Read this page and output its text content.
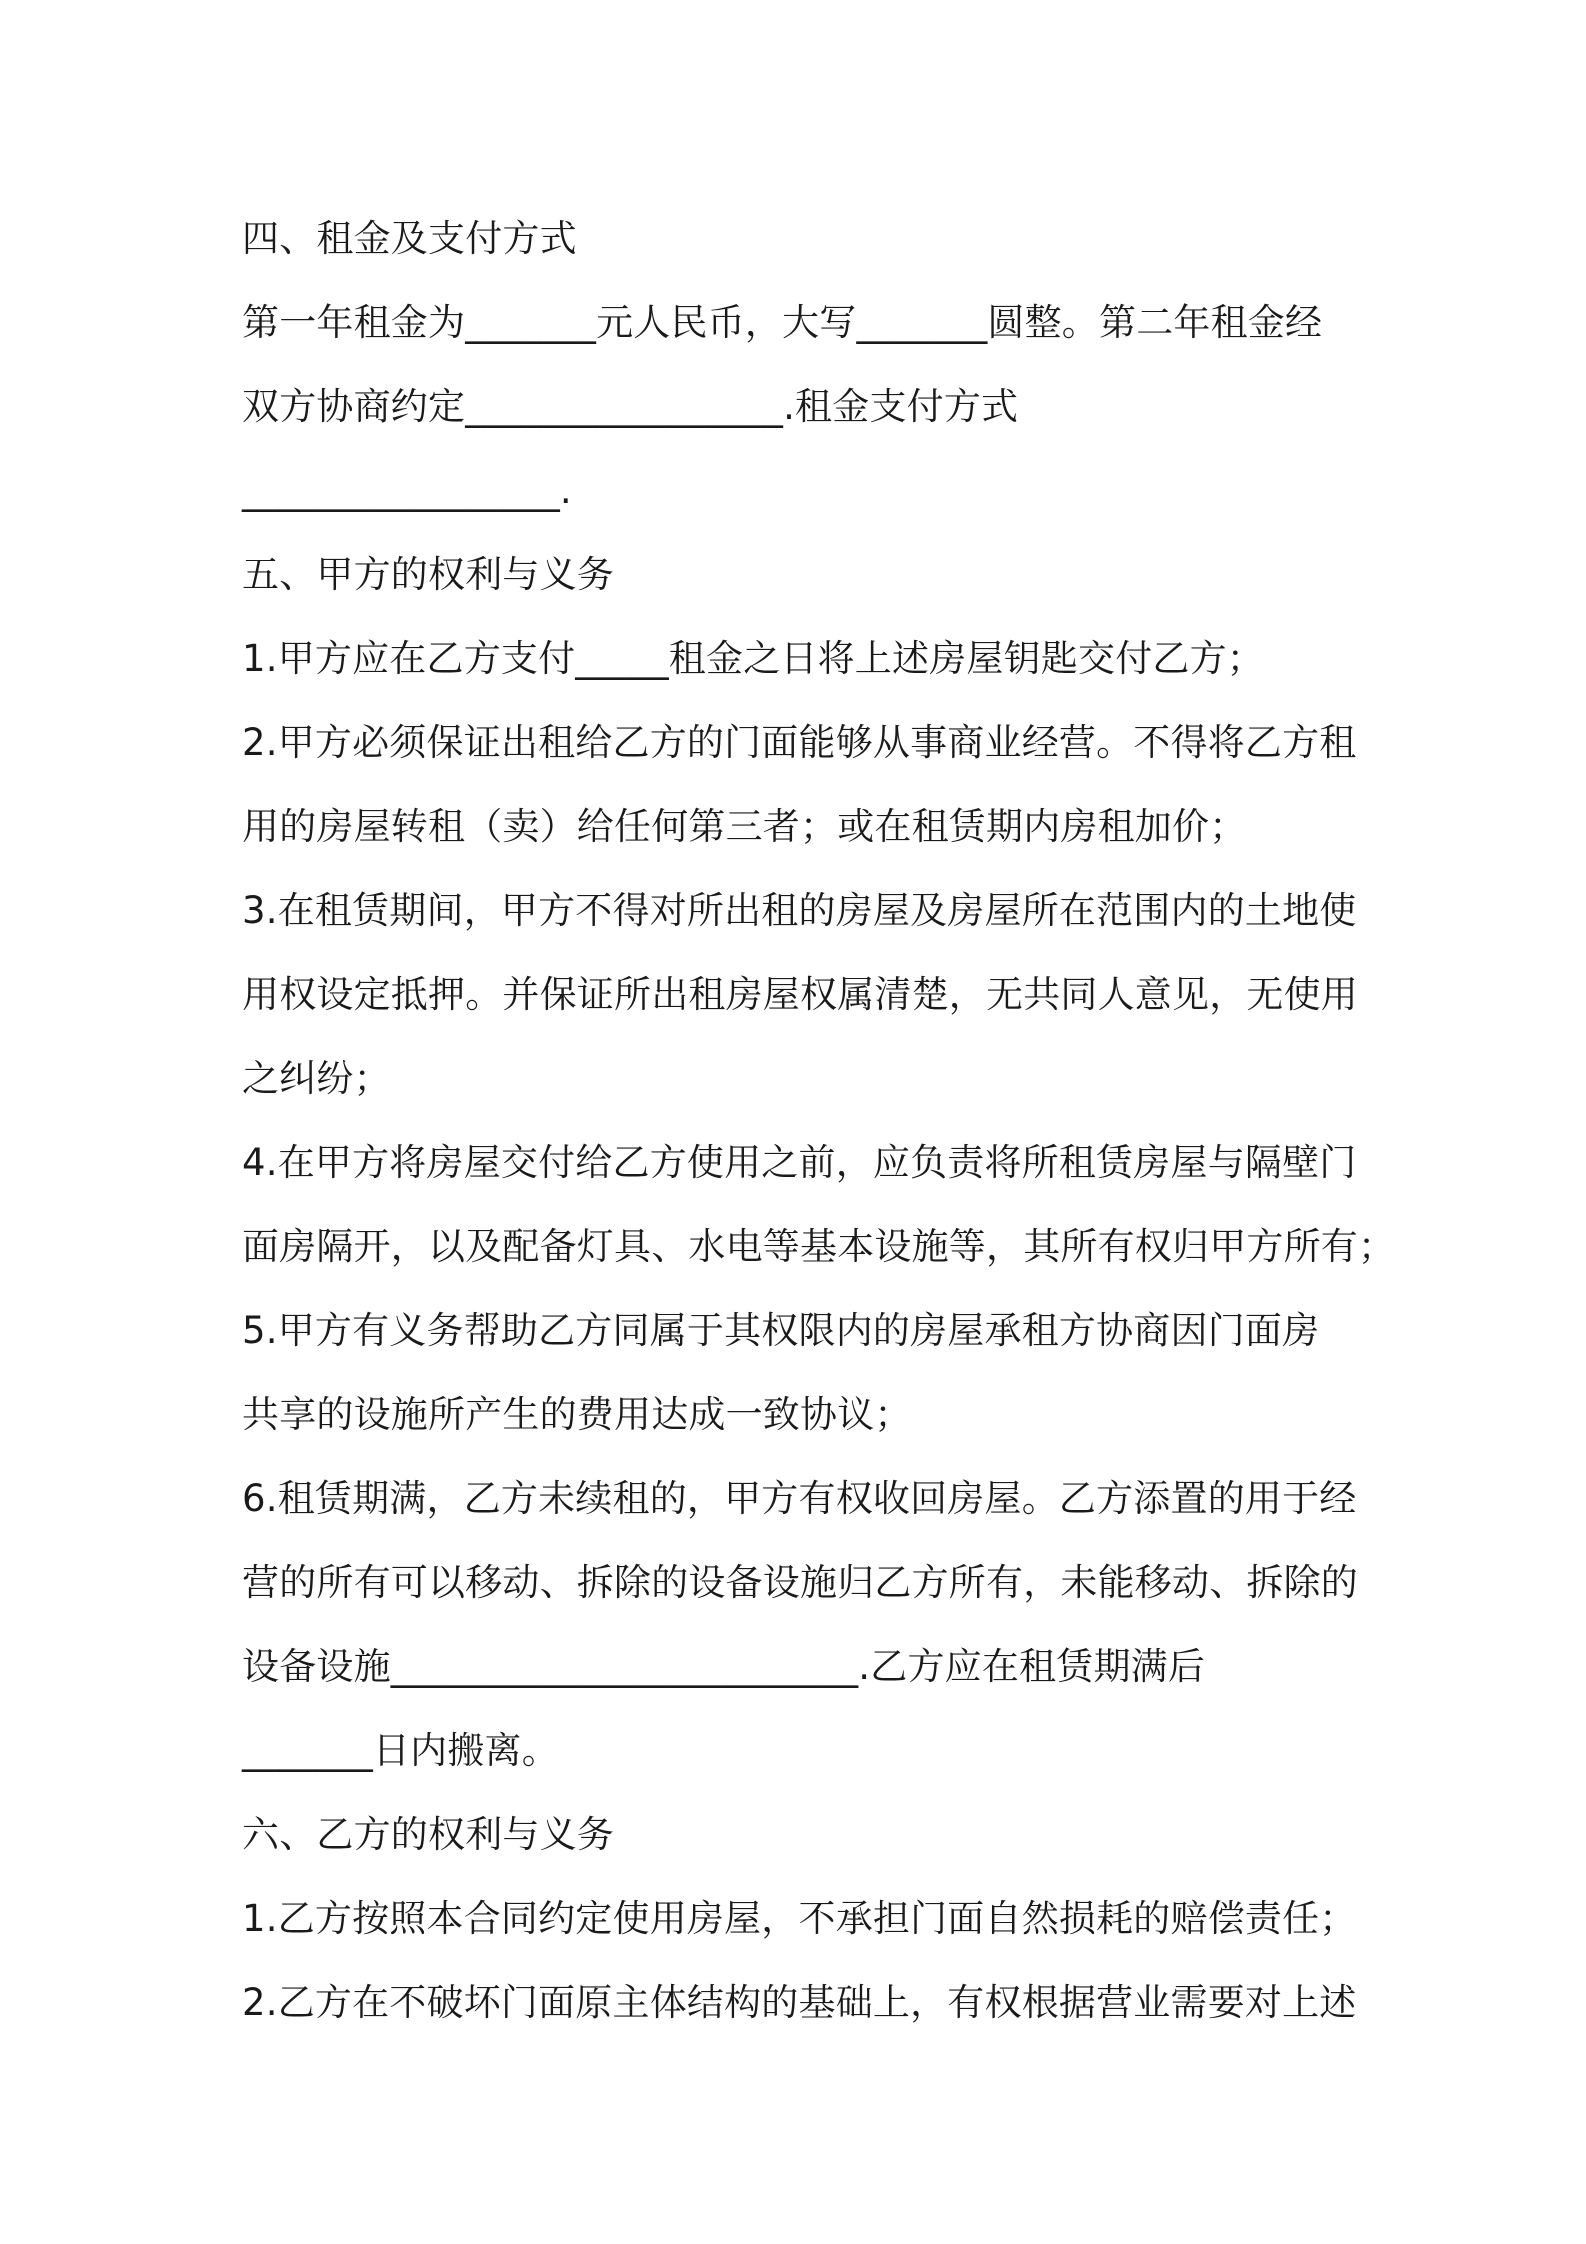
四、租金及支付方式
第一年租金为_______元人民币，大写_______圆整。第二年租金经
双方协商约定_________________.租金支付方式
_________________.
五、甲方的权利与义务
1.甲方应在乙方支付_____租金之日将上述房屋钥匙交付乙方；
2.甲方必须保证出租给乙方的门面能够从事商业经营。不得将乙方租
用的房屋转租（卖）给任何第三者；或在租赁期内房租加价；
3.在租赁期间，甲方不得对所出租的房屋及房屋所在范围内的土地使
用权设定抵押。并保证所出租房屋权属清楚，无共同人意见，无使用
之纠纷；
4.在甲方将房屋交付给乙方使用之前，应负责将所租赁房屋与隔壁门
面房隔开，以及配备灯具、水电等基本设施等，其所有权归甲方所有；
5.甲方有义务帮助乙方同属于其权限内的房屋承租方协商因门面房
共享的设施所产生的费用达成一致协议；
6.租赁期满，乙方未续租的，甲方有权收回房屋。乙方添置的用于经
营的所有可以移动、拆除的设备设施归乙方所有，未能移动、拆除的
设备设施_________________________.乙方应在租赁期满后
_______日内搬离。
六、乙方的权利与义务
1.乙方按照本合同约定使用房屋，不承担门面自然损耗的赔偿责任；
2.乙方在不破坏门面原主体结构的基础上，有权根据营业需要对上述
